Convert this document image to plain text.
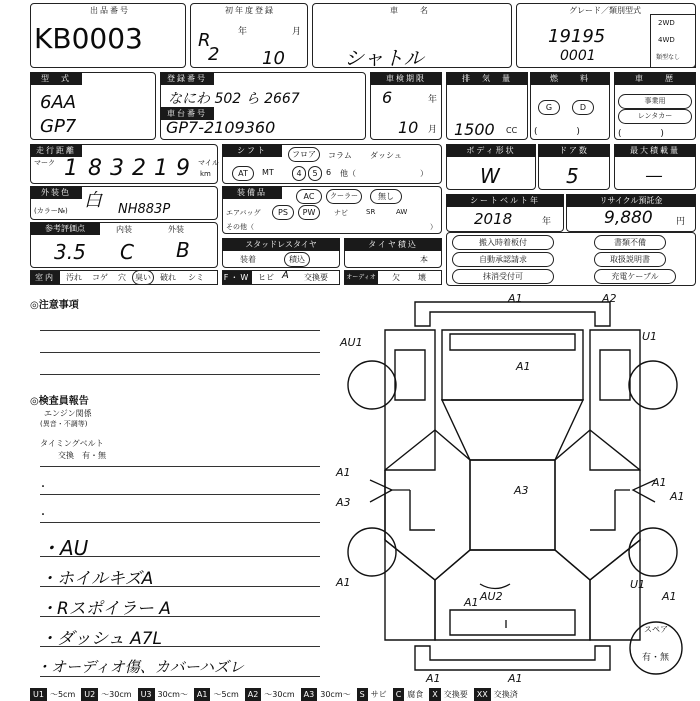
KB0003
出品番号	初年度登録
年	月
R
2 10
車　　名
シャトル
グレード／類別型式
19195
0001
2WD
4WD
類型なし
型　式
6AA
GP7
登録番号
なにわ 502 ら 2667
車台番号
GP7-2109360
車検期限
年
月
6
10
排　気　量
1500 CC
燃　　料
G	D
(　　　　 )
車　　歴
事業用
レンタカー
(　　　　 )
走行距離
マーク 1 8 3 2 1 9 マイル
km
シフト	フロア	コラム ダッシュ
AT	MT	4	5	6 他（	）
ボディ形状
W
ドア数
5
最大積載量
―
外装色 白
(カラー№)	NH883P
装備品	AC	クーラー	無し
エアバッグ	PS	PW	ナビ	SR	AW
その他（	）
シートベルト年
2018	年
リサイクル預託金
9,880	円
参考評価点	内装	外装
3.5 C B	スタッドレスタイヤ
装着	積込
タイヤ積込
本
搬入時着板付	書類不備
自動承認請求	取扱説明書
抹消受付可	充電ケーブル
室内	汚れ コゲ 穴	臭い	破れ シミ F・W ヒビ A 交換要	オーディオ 欠 壊
◎注意事項
◎検査員報告
エンジン関係
(異音・不調等)
タイミングベルト
交換　有・無
・
・
・AU
・ホイルキズA
・Rスポイラー A
・ダッシュ A7L
・オーディオ傷、カバーハズレ
A1	A2
AU1
A1
U1
A1
A1
A3
A3
A1
A1
A1
A1
U1
AU2
A1	A1
スペア
有・無
U1 ～5cm U2 ～30cm U3 30cm～ A1 ～5cm A2 ～30cm A3 30cm～ S サビ C 腐食 X 交換要 XX 交換済
